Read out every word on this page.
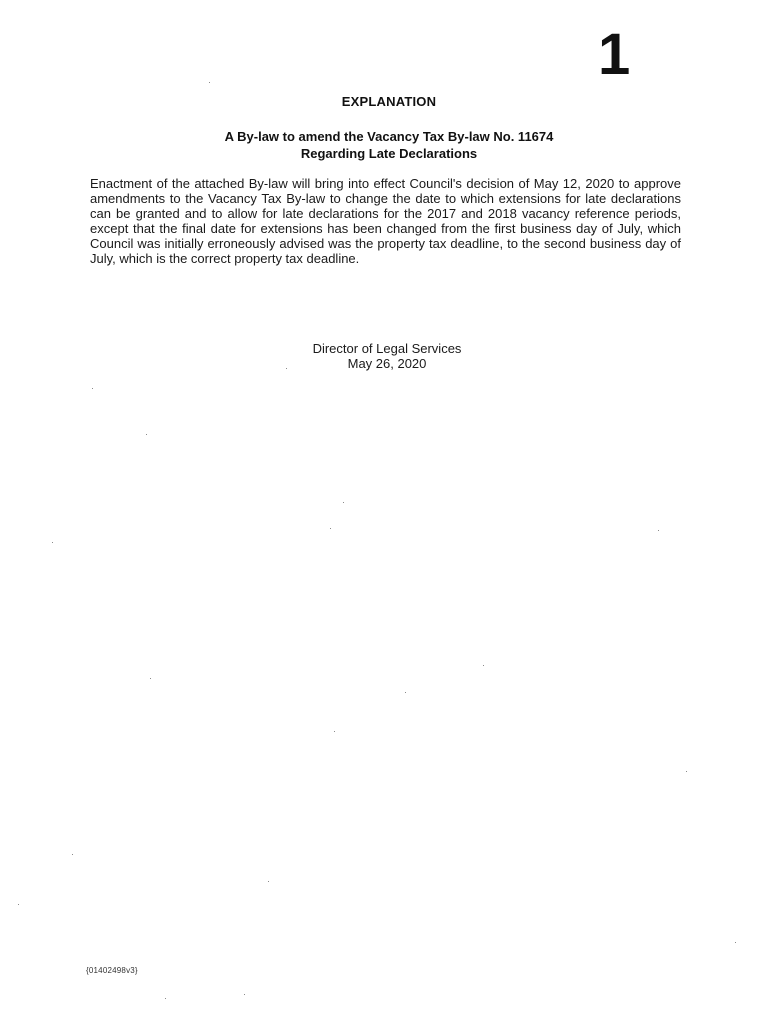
1
EXPLANATION
A By-law to amend the Vacancy Tax By-law No. 11674
Regarding Late Declarations
Enactment of the attached By-law will bring into effect Council's decision of May 12, 2020 to approve amendments to the Vacancy Tax By-law to change the date to which extensions for late declarations can be granted and to allow for late declarations for the 2017 and 2018 vacancy reference periods, except that the final date for extensions has been changed from the first business day of July, which Council was initially erroneously advised was the property tax deadline, to the second business day of July, which is the correct property tax deadline.
Director of Legal Services
May 26, 2020
{01402498v3}
